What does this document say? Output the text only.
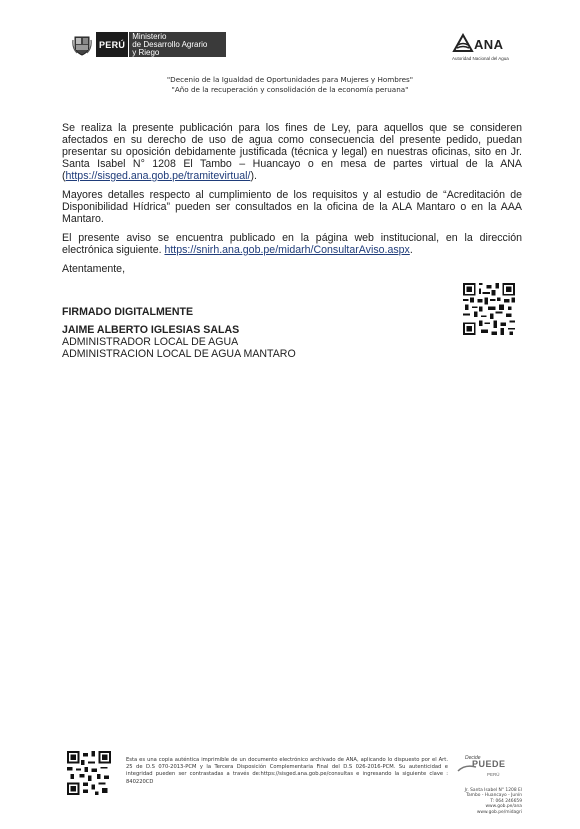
PERÚ
Ministerio
de Desarrollo Agrario
y Riego
ANA
Autoridad Nacional del Agua
"Decenio de la Igualdad de Oportunidades para Mujeres y Hombres"
"Año de la recuperación y consolidación de la economía peruana"

Se realiza la presente publicación para los fines de Ley, para aquellos que se consideren afectados en su derecho de uso de agua como consecuencia del presente pedido, puedan presentar su oposición debidamente justificada (técnica y legal) en nuestras oficinas, sito en Jr. Santa Isabel N° 1208 El Tambo – Huancayo o en mesa de partes virtual de la ANA (https://sisged.ana.gob.pe/tramitevirtual/).

Mayores detalles respecto al cumplimiento de los requisitos y al estudio de “Acreditación de Disponibilidad Hídrica” pueden ser consultados en la oficina de la ALA Mantaro o en la AAA Mantaro.

El presente aviso se encuentra publicado en la página web institucional, en la dirección electrónica siguiente. https://snirh.ana.gob.pe/midarh/ConsultarAviso.aspx.

Atentamente,

FIRMADO DIGITALMENTE
JAIME ALBERTO IGLESIAS SALAS
ADMINISTRADOR LOCAL DE AGUA
ADMINISTRACION LOCAL DE AGUA MANTARO
Esta es una copia auténtica imprimible de un documento electrónico archivado de ANA, aplicando lo dispuesto por el Art. 25 de D.S 070-2013-PCM y la Tercera Disposición Complementaria Final del D.S 026-2016-PCM. Su autenticidad e integridad pueden ser contrastadas a través de:https://sisged.ana.gob.pe/consultas e ingresando la siguiente clave : 840220CD
Decide
PUEDE
PERÚ
Jr. Santa Isabel N° 1208 El
Tambo - Huancayo - Junín
T: 064 246659
www.gob.pe/ana
www.gob.pe/midagri
